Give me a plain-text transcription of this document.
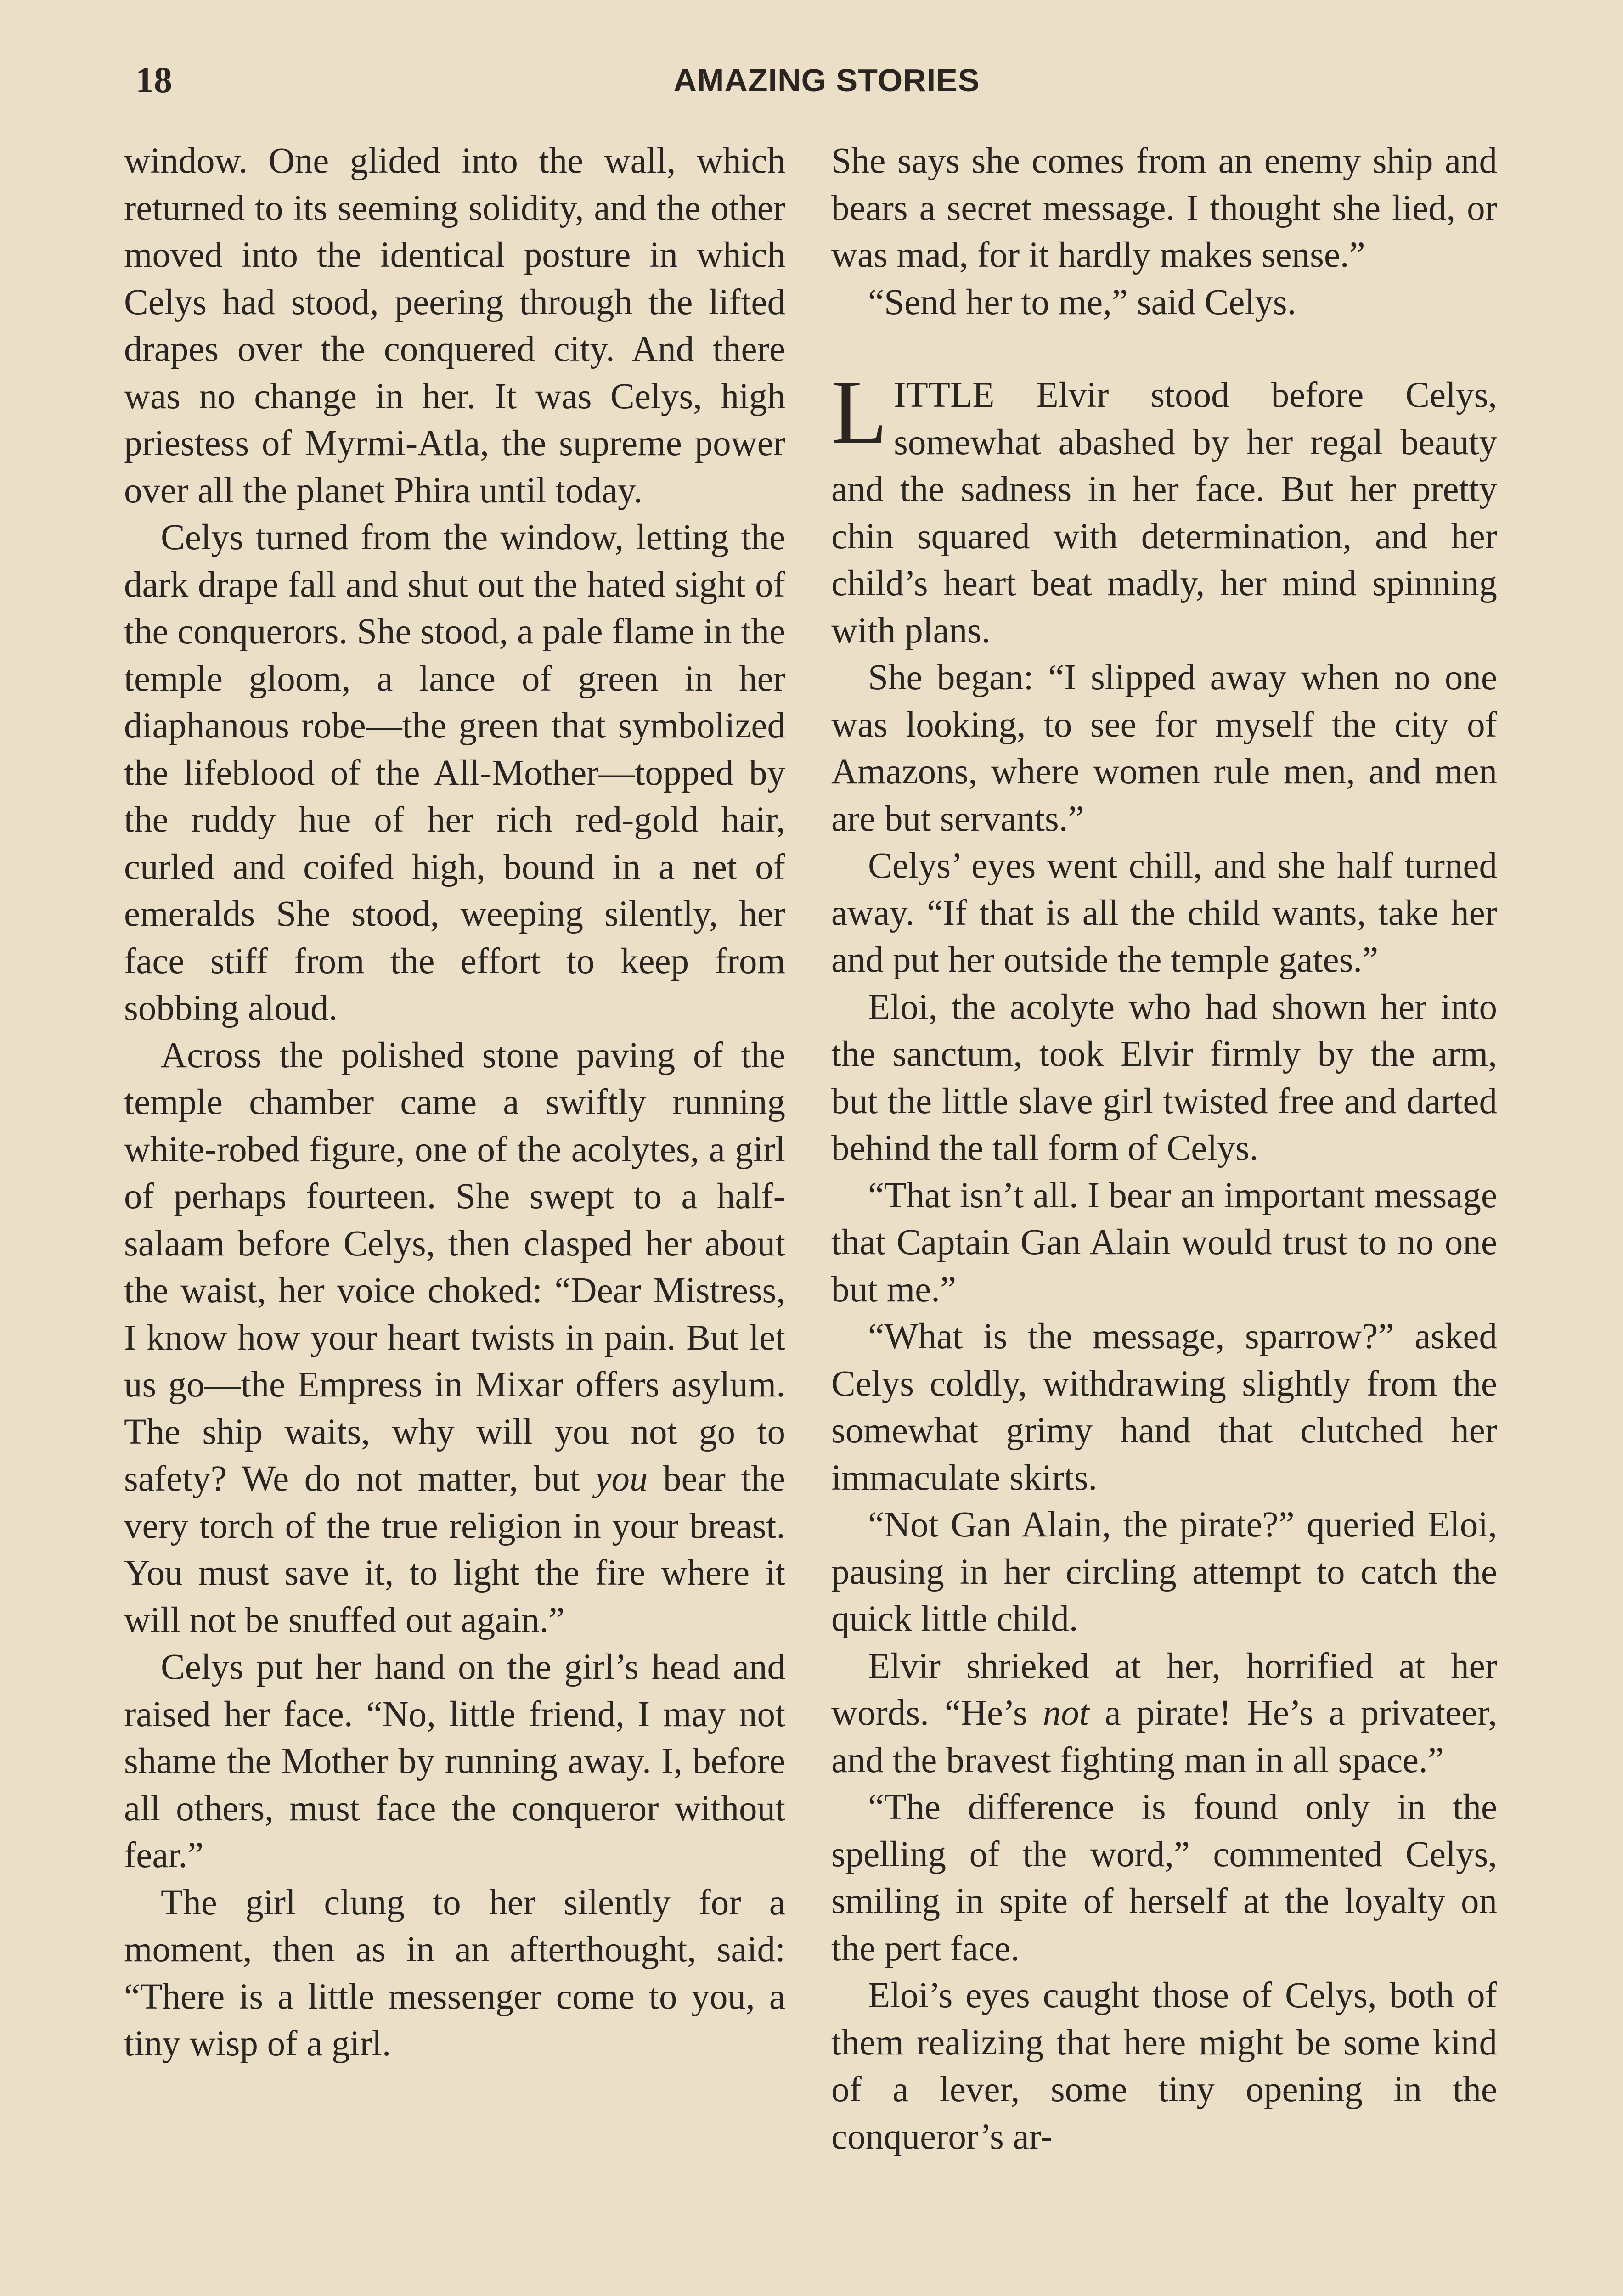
18	AMAZING STORIES

window. One glided into the wall, which returned to its seeming solidity, and the other moved into the identical posture in which Celys had stood, peering through the lifted drapes over the conquered city. And there was no change in her. It was Celys, high priestess of Myrmi-Atla, the supreme power over all the planet Phira until today.

Celys turned from the window, letting the dark drape fall and shut out the hated sight of the conquerors. She stood, a pale flame in the temple gloom, a lance of green in her diaphanous robe—the green that symbolized the lifeblood of the All-Mother—topped by the ruddy hue of her rich red-gold hair, curled and coifed high, bound in a net of emeralds She stood, weeping silently, her face stiff from the effort to keep from sobbing aloud.

Across the polished stone paving of the temple chamber came a swiftly running white-robed figure, one of the acolytes, a girl of perhaps fourteen. She swept to a half-salaam before Celys, then clasped her about the waist, her voice choked: “Dear Mistress, I know how your heart twists in pain. But let us go—the Empress in Mixar offers asylum. The ship waits, why will you not go to safety? We do not matter, but you bear the very torch of the true religion in your breast. You must save it, to light the fire where it will not be snuffed out again.”

Celys put her hand on the girl’s head and raised her face. “No, little friend, I may not shame the Mother by running away. I, before all others, must face the conqueror without fear.”

The girl clung to her silently for a moment, then as in an afterthought, said: “There is a little messenger come to you, a tiny wisp of a girl.

She says she comes from an enemy ship and bears a secret message. I thought she lied, or was mad, for it hardly makes sense.”

“Send her to me,” said Celys.

LITTLE Elvir stood before Celys, somewhat abashed by her regal beauty and the sadness in her face. But her pretty chin squared with determination, and her child’s heart beat madly, her mind spinning with plans.

She began: “I slipped away when no one was looking, to see for myself the city of Amazons, where women rule men, and men are but servants.”

Celys’ eyes went chill, and she half turned away. “If that is all the child wants, take her and put her outside the temple gates.”

Eloi, the acolyte who had shown her into the sanctum, took Elvir firmly by the arm, but the little slave girl twisted free and darted behind the tall form of Celys.

“That isn’t all. I bear an important message that Captain Gan Alain would trust to no one but me.”

“What is the message, sparrow?” asked Celys coldly, withdrawing slightly from the somewhat grimy hand that clutched her immaculate skirts.

“Not Gan Alain, the pirate?” queried Eloi, pausing in her circling attempt to catch the quick little child.

Elvir shrieked at her, horrified at her words. “He’s not a pirate! He’s a privateer, and the bravest fighting man in all space.”

“The difference is found only in the spelling of the word,” commented Celys, smiling in spite of herself at the loyalty on the pert face.

Eloi’s eyes caught those of Celys, both of them realizing that here might be some kind of a lever, some tiny opening in the conqueror’s ar-
